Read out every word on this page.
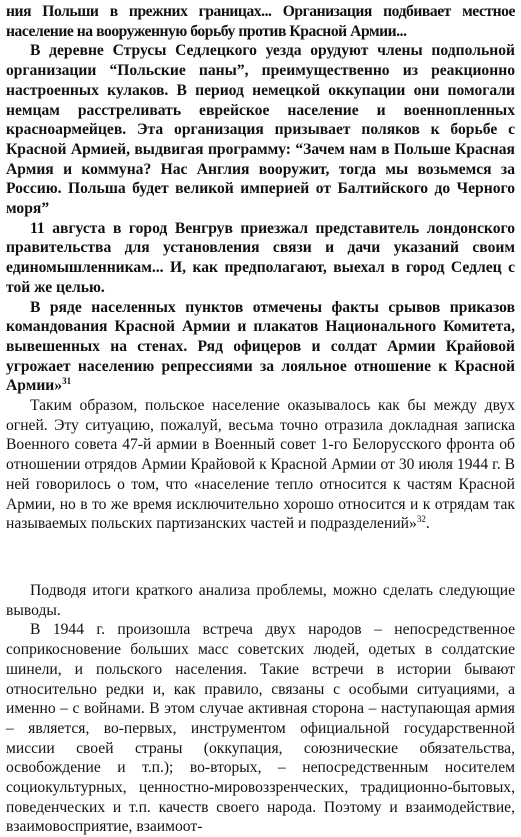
ния Польши в прежних границах... Организация подбивает местное население на вооруженную борьбу против Красной Армии...

В деревне Струсы Седлецкого уезда орудуют члены подпольной организации “Польские паны”, преимущественно из реакционно настроенных кулаков. В период немецкой оккупации они помогали немцам расстреливать еврейское население и военнопленных красноармейцев. Эта организация призывает поляков к борьбе с Красной Армией, выдвигая программу: “Зачем нам в Польше Красная Армия и коммуна? Нас Англия вооружит, тогда мы возьмемся за Россию. Польша будет великой империей от Балтийского до Черного моря”

11 августа в город Венгрув приезжал представитель лондонского правительства для установления связи и дачи указаний своим единомышленникам... И, как предполагают, выехал в город Седлец с той же целью.

В ряде населенных пунктов отмечены факты срывов приказов командования Красной Армии и плакатов Национального Комитета, вывешенных на стенах. Ряд офицеров и солдат Армии Крайовой угрожает населению репрессиями за лояльное отношение к Красной Армии»$^{31}$

Таким образом, польское население оказывалось как бы между двух огней. Эту ситуацию, пожалуй, весьма точно отразила докладная записка Военного совета 47-й армии в Военный совет 1-го Белорусского фронта об отношении отрядов Армии Крайовой к Красной Армии от 30 июля 1944 г. В ней говорилось о том, что «население тепло относится к частям Красной Армии, но в то же время исключительно хорошо относится и к отрядам так называемых польских партизанских частей и подразделений»$^{32}$.

Подводя итоги краткого анализа проблемы, можно сделать следующие выводы.

В 1944 г. произошла встреча двух народов – непосредственное соприкосновение больших масс советских людей, одетых в солдатские шинели, и польского населения. Такие встречи в истории бывают относительно редки и, как правило, связаны с особыми ситуациями, а именно – с войнами. В этом случае активная сторона – наступающая армия – является, во-первых, инструментом официальной государственной миссии своей страны (оккупация, союзнические обязательства, освобождение и т.п.); во-вторых, – непосредственным носителем социокультурных, ценностно-мировоззренческих, традиционно-бытовых, поведенческих и т.п. качеств своего народа. Поэтому и взаимодействие, взаимовосприятие, взаимоот-
